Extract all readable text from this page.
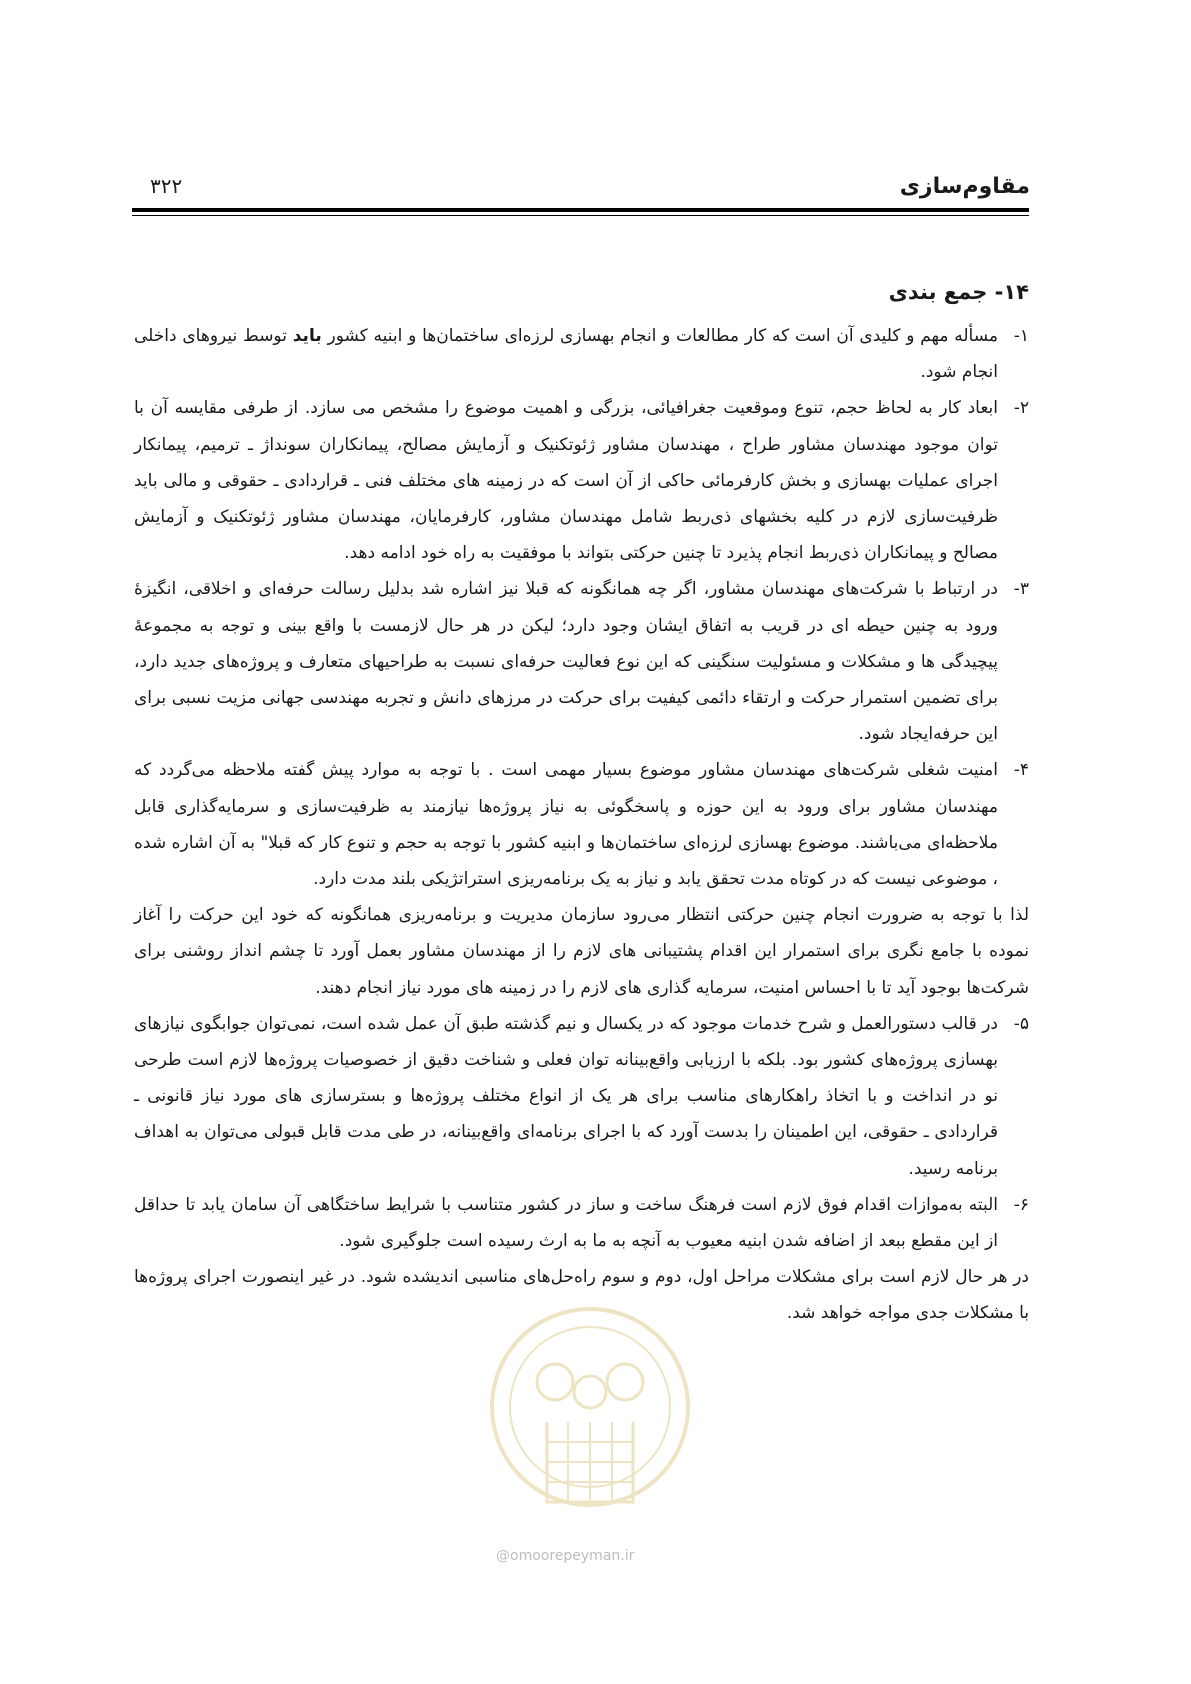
۳۲۲	مقاوم‌سازی
۱۴- جمع بندی

۱-مسأله مهم و کلیدی آن است که کار مطالعات و انجام بهسازی لرزه‌ای ساختمان‌ها و ابنیه کشور باید توسط نیروهای داخلی انجام شود.

۲-ابعاد کار به لحاظ حجم، تنوع وموقعیت جغرافیائی، بزرگی و اهمیت موضوع را مشخص می سازد. از طرفی مقایسه آن با توان موجود مهندسان مشاور طراح ، مهندسان مشاور ژئوتکنیک و آزمایش مصالح، پیمانکاران سونداژ ـ ترمیم، پیمانکار اجرای عملیات بهسازی و بخش کارفرمائی حاکی از آن است که در زمینه های مختلف فنی ـ قراردادی ـ حقوقی و مالی باید ظرفیت‌سازی لازم در کلیه بخشهای ذی‌ربط شامل مهندسان مشاور، کارفرمایان، مهندسان مشاور ژئوتکنیک و آزمایش مصالح و پیمانکاران ذی‌ربط انجام پذیرد تا چنین حرکتی بتواند با موفقیت به راه خود ادامه دهد.

۳-در ارتباط با شرکت‌های مهندسان مشاور، اگر چه همانگونه که قبلا نیز اشاره شد بدلیل رسالت حرفه‌ای و اخلاقی، انگیزهٔ ورود به چنین حیطه ای در قریب به اتفاق ایشان وجود دارد؛ لیکن در هر حال لازمست با واقع بینی و توجه به مجموعهٔ پیچیدگی ها و مشکلات و مسئولیت سنگینی که این نوع فعالیت حرفه‌ای نسبت به طراحیهای متعارف و پروژه‌های جدید دارد، برای تضمین استمرار حرکت و ارتقاء دائمی کیفیت برای حرکت در مرزهای دانش و تجربه مهندسی جهانی مزیت نسبی برای این حرفه‌ایجاد شود.

۴-امنیت شغلی شرکت‌های مهندسان مشاور موضوع بسیار مهمی است . با توجه به موارد پیش گفته ملاحظه می‌گردد که مهندسان مشاور برای ورود به این حوزه و پاسخگوئی به نیاز پروژه‌ها نیازمند به ظرفیت‌سازی و سرمایه‌گذاری قابل ملاحظه‌ای می‌باشند. موضوع بهسازی لرزه‌ای ساختمان‌ها و ابنیه کشور با توجه به حجم و تنوع کار که قبلا" به آن اشاره شده ، موضوعی نیست که در کوتاه مدت تحقق یابد و نیاز به یک برنامه‌ریزی استراتژیکی بلند مدت دارد.

لذا با توجه به ضرورت انجام چنین حرکتی انتظار می‌رود سازمان مدیریت و برنامه‌ریزی همانگونه که خود این حرکت را آغاز نموده با جامع نگری برای استمرار این اقدام پشتیبانی های لازم را از مهندسان مشاور بعمل آورد تا چشم انداز روشنی برای شرکت‌ها بوجود آید تا با احساس امنیت، سرمایه گذاری های لازم را در زمینه های مورد نیاز انجام دهند.

۵-در قالب دستورالعمل و شرح خدمات موجود که در یکسال و نیم گذشته طبق آن عمل شده است، نمی‌توان جوابگوی نیازهای بهسازی پروژه‌های کشور بود. بلکه با ارزیابی واقع‌بینانه توان فعلی و شناخت دقیق از خصوصیات پروژه‌ها لازم است طرحی نو در انداخت و با اتخاذ راهکارهای مناسب برای هر یک از انواع مختلف پروژه‌ها و بسترسازی های مورد نیاز قانونی ـ قراردادی ـ حقوقی، این اطمینان را بدست آورد که با اجرای برنامه‌ای واقع‌بینانه، در طی مدت قابل قبولی می‌توان به اهداف برنامه رسید.

۶-البته به‌موازات اقدام فوق لازم است فرهنگ ساخت و ساز در کشور متناسب با شرایط ساختگاهی آن سامان یابد تا حداقل از این مقطع ببعد از اضافه شدن ابنیه معیوب به آنچه به ما به ارث رسیده است جلوگیری شود.

در هر حال لازم است برای مشکلات مراحل اول، دوم و سوم راه‌حل‌های مناسبی اندیشده شود. در غیر اینصورت اجرای پروژه‌ها با مشکلات جدی مواجه خواهد شد.

@omoorepeyman.ir
